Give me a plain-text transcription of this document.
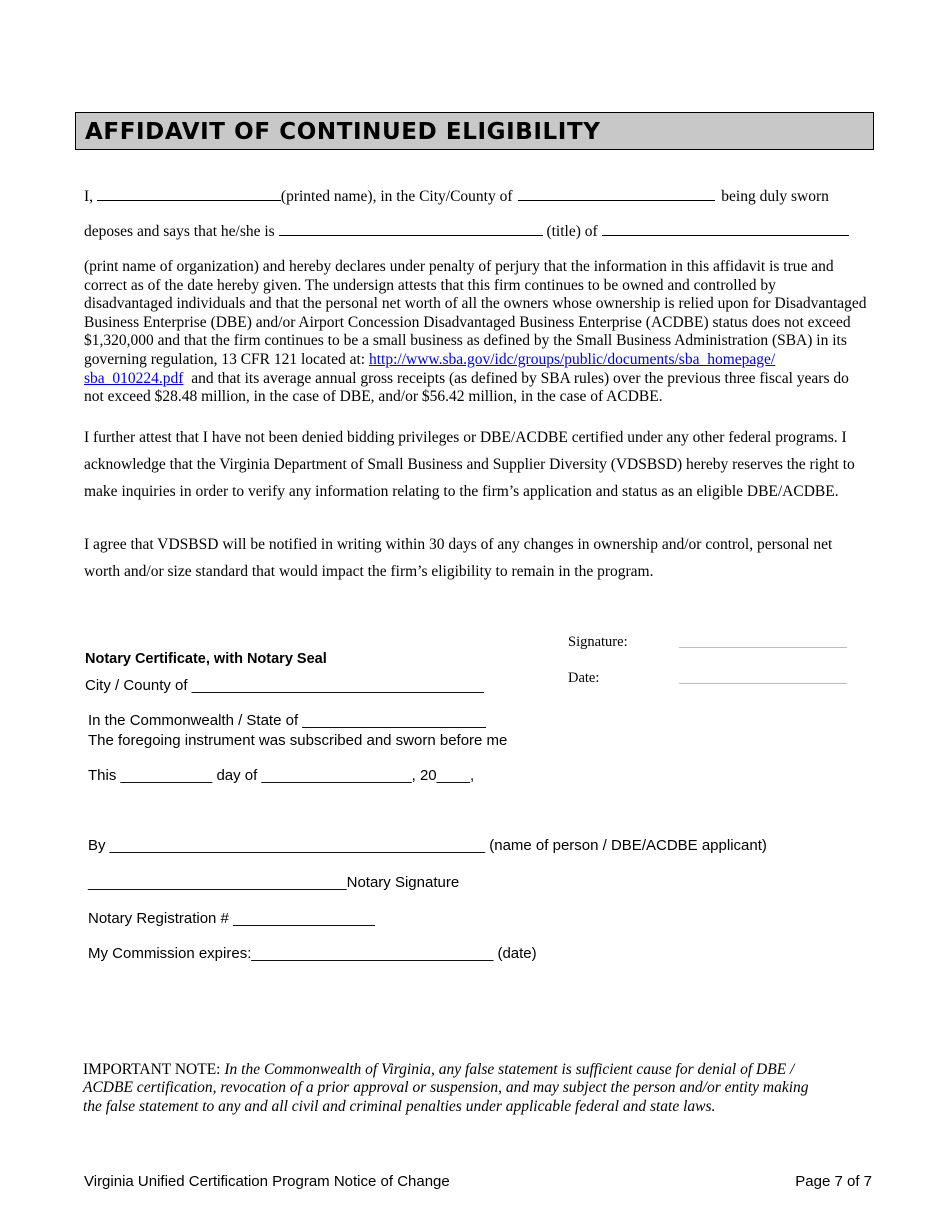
AFFIDAVIT OF CONTINUED ELIGIBILITY
I,	(printed name), in the City/County of	being duly sworn
deposes and says that he/she is	(title) of
(print name of organization) and hereby declares under penalty of perjury that the information in this affidavit is true and
correct as of the date hereby given. The undersign attests that this firm continues to be owned and controlled by
disadvantaged individuals and that the personal net worth of all the owners whose ownership is relied upon for Disadvantaged
Business Enterprise (DBE) and/or Airport Concession Disadvantaged Business Enterprise (ACDBE) status does not exceed
$1,320,000 and that the firm continues to be a small business as defined by the Small Business Administration (SBA) in its
governing regulation, 13 CFR 121 located at: http://www.sba.gov/idc/groups/public/documents/sba_homepage/
sba_010224.pdf  and that its average annual gross receipts (as defined by SBA rules) over the previous three fiscal years do
not exceed $28.48 million, in the case of DBE, and/or $56.42 million, in the case of ACDBE.
I further attest that I have not been denied bidding privileges or DBE/ACDBE certified under any other federal programs. I
acknowledge that the Virginia Department of Small Business and Supplier Diversity (VDSBSD) hereby reserves the right to
make inquiries in order to verify any information relating to the firm’s application and status as an eligible DBE/ACDBE.
I agree that VDSBSD will be notified in writing within 30 days of any changes in ownership and/or control, personal net
worth and/or size standard that would impact the firm’s eligibility to remain in the program.
Signature:	________________________
Date:	________________________
Notary Certificate, with Notary Seal
City / County of ___________________________________
In the Commonwealth / State of ______________________
The foregoing instrument was subscribed and sworn before me
This ___________ day of __________________, 20____,
By _____________________________________________ (name of person / DBE/ACDBE applicant)
_______________________________Notary Signature
Notary Registration # _________________
My Commission expires:_____________________________ (date)
IMPORTANT NOTE: In the Commonwealth of Virginia, any false statement is sufficient cause for denial of DBE /
ACDBE certification, revocation of a prior approval or suspension, and may subject the person and/or entity making
the false statement to any and all civil and criminal penalties under applicable federal and state laws.
Virginia Unified Certification Program Notice of Change	Page 7 of 7
